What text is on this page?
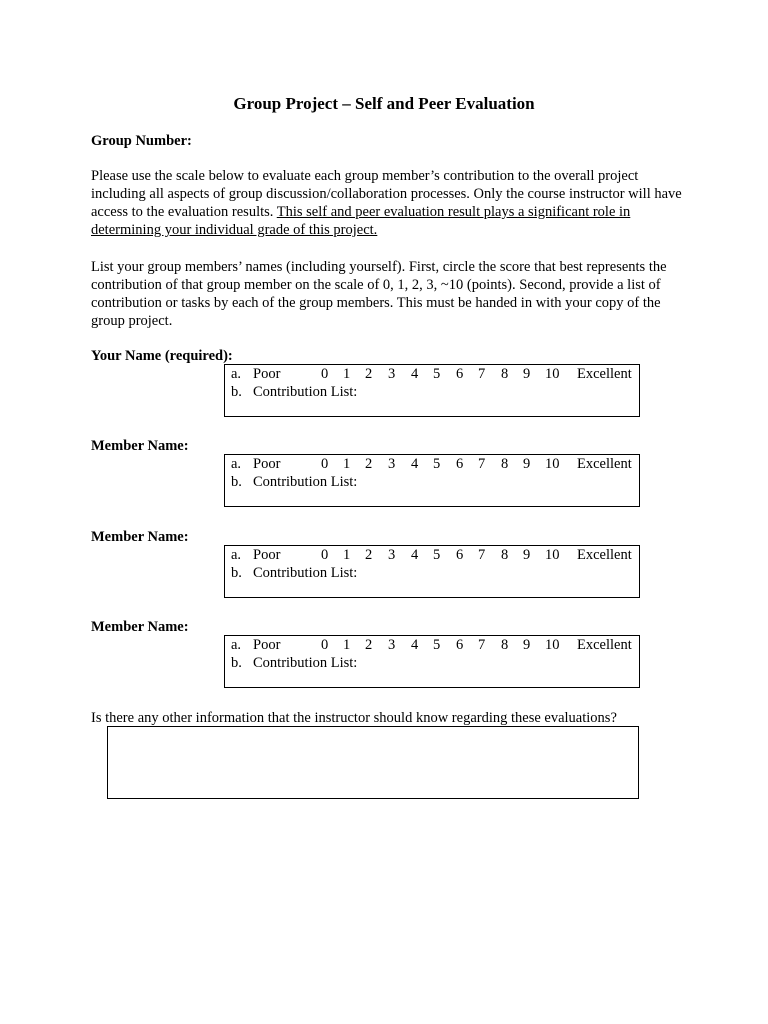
Group Project – Self and Peer Evaluation
Group Number:
Please use the scale below to evaluate each group member’s contribution to the overall project including all aspects of group discussion/collaboration processes. Only the course instructor will have access to the evaluation results. This self and peer evaluation result plays a significant role in determining your individual grade of this project.
List your group members’ names (including yourself). First, circle the score that best represents the contribution of that group member on the scale of 0, 1, 2, 3, ~10 (points). Second, provide a list of contribution or tasks by each of the group members. This must be handed in with your copy of the group project.
Your Name (required):
a. Poor	0 1 2 3 4 5 6 7 8 9 10 Excellent
b. Contribution List:
Member Name:
a. Poor	0 1 2 3 4 5 6 7 8 9 10 Excellent
b. Contribution List:
Member Name:
a. Poor	0 1 2 3 4 5 6 7 8 9 10 Excellent
b. Contribution List:
Member Name:
a. Poor	0 1 2 3 4 5 6 7 8 9 10 Excellent
b. Contribution List:
Is there any other information that the instructor should know regarding these evaluations?
